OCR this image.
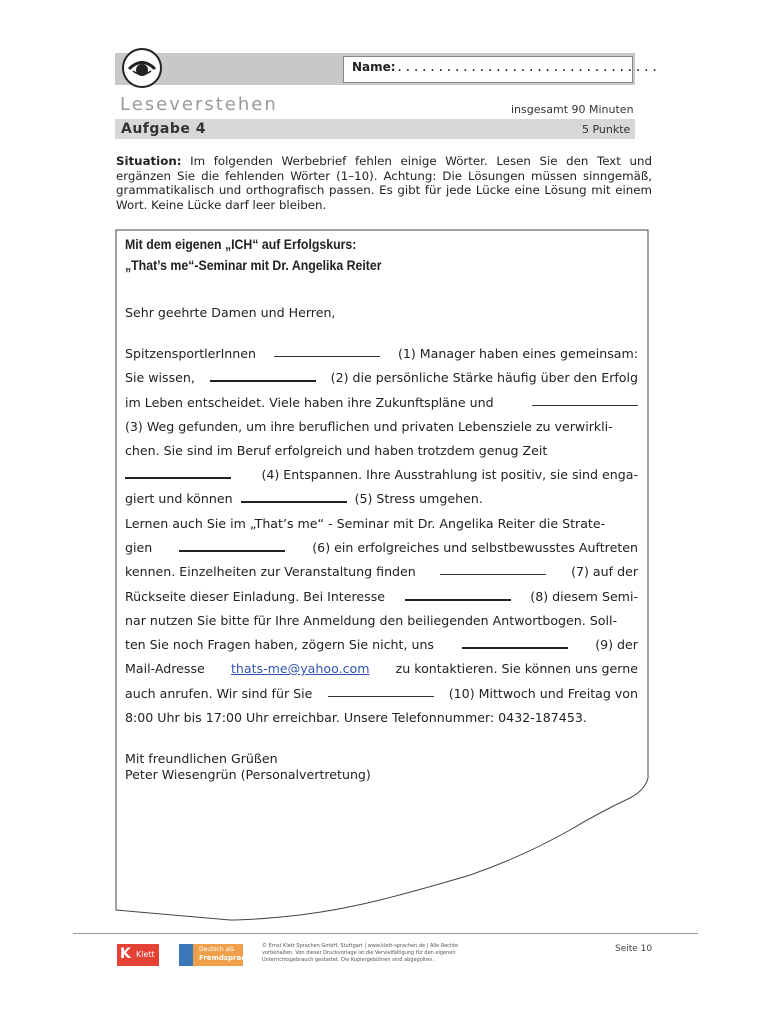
Name: ................................
Leseverstehen	insgesamt 90 Minuten
Aufgabe 4	5 Punkte
Situation: Im folgenden Werbebrief fehlen einige Wörter. Lesen Sie den Text und ergänzen Sie die fehlenden Wörter (1–10). Achtung: Die Lösungen müssen sinngemäß, grammatikalisch und orthografisch passen. Es gibt für jede Lücke eine Lösung mit einem Wort. Keine Lücke darf leer bleiben.
Mit dem eigenen „ICH“ auf Erfolgskurs:
„That’s me“-Seminar mit Dr. Angelika Reiter
Sehr geehrte Damen und Herren,
SpitzensportlerInnen	(1) Manager haben eines gemeinsam:
Sie wissen,	(2) die persönliche Stärke häufig über den Erfolg
im Leben entscheidet. Viele haben ihre Zukunftspläne und
(3) Weg gefunden, um ihre beruflichen und privaten Lebensziele zu verwirkli-
chen. Sie sind im Beruf erfolgreich und haben trotzdem genug Zeit
(4) Entspannen. Ihre Ausstrahlung ist positiv, sie sind enga-
giert und können	(5) Stress umgehen.
Lernen auch Sie im „That’s me“ - Seminar mit Dr. Angelika Reiter die Strate-
gien	(6) ein erfolgreiches und selbstbewusstes Auftreten
kennen. Einzelheiten zur Veranstaltung finden	(7) auf der
Rückseite dieser Einladung. Bei Interesse	(8) diesem Semi-
nar nutzen Sie bitte für Ihre Anmeldung den beiliegenden Antwortbogen. Soll-
ten Sie noch Fragen haben, zögern Sie nicht, uns	(9) der
Mail-Adresse thats-me@yahoo.com zu kontaktieren. Sie können uns gerne
auch anrufen. Wir sind für Sie	(10) Mittwoch und Freitag von
8:00 Uhr bis 17:00 Uhr erreichbar. Unsere Telefonnummer: 0432-187453.
Mit freundlichen Grüßen
Peter Wiesengrün (Personalvertretung)
K Klett
Deutsch als
Fremdsprache
© Ernst Klett Sprachen GmbH, Stuttgart | www.klett-sprachen.de | Alle Rechte vorbehalten. Von dieser Druckvorlage ist die Vervielfältigung für den eigenen Unterrichtsgebrauch gestattet. Die Kopiergebühren sind abgegolten.
Seite 10
